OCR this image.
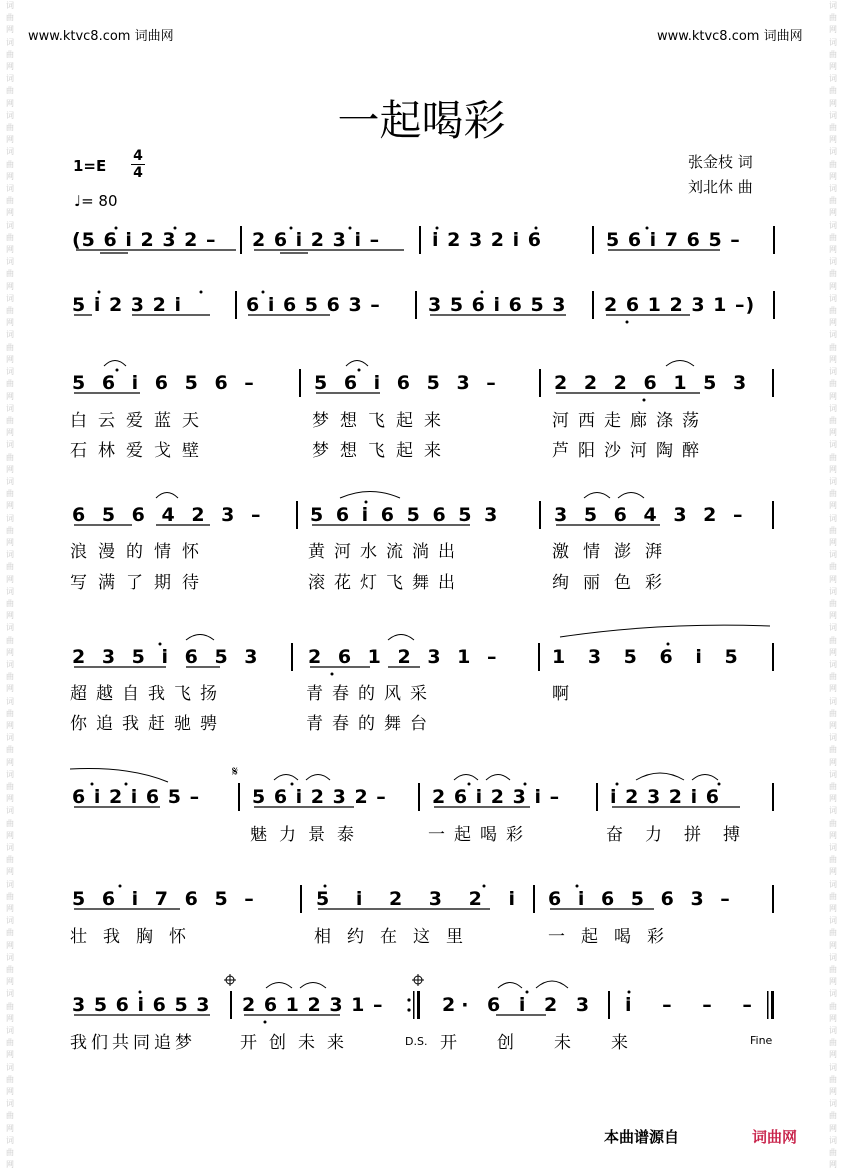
词
曲
网
词
曲
网
词
曲
网
词
曲
网
词
曲
网
词
曲
网
词
曲
网
词
曲
网
词
曲
网
词
曲
网
词
曲
网
词
曲
网
词
曲
网
词
曲
网
词
曲
网
词
曲
网
词
曲
网
词
曲
网
词
曲
网
词
曲
网
词
曲
网
词
曲
网
词
曲
网
词
曲
网
词
曲
网
词
曲
网
词
曲
网
词
曲
网
词
曲
网
词
曲
网
词
曲
网
词
曲
网

词
曲
网
词
曲
网
词
曲
网
词
曲
网
词
曲
网
词
曲
网
词
曲
网
词
曲
网
词
曲
网
词
曲
网
词
曲
网
词
曲
网
词
曲
网
词
曲
网
词
曲
网
词
曲
网
词
曲
网
词
曲
网
词
曲
网
词
曲
网
词
曲
网
词
曲
网
词
曲
网
词
曲
网
词
曲
网
词
曲
网
词
曲
网
词
曲
网
词
曲
网
词
曲
网
词
曲
网
词
曲
网

www.ktvc8.com 词曲网	www.ktvc8.com 词曲网
一起喝彩
1=E
4
4
♩= 80
张金枝 词
刘北休 曲
(5 6 i 2 3 2 – 2 6 i 2 3 i –	i 2 3 2 i 6	5 6 i 7 6 5 –
5 i 2 3 2 i	6 i 6 5 6 3 – 3 5 6 i 6 5 3 2 6 1 2 3 1 –)
5 6 i 6 5 6 –	5 6 i 6 5 3 –	2 2 2 6 1 5 3
白云爱蓝天	梦想飞起来	河西走廊涤荡
石林爱戈壁	梦想飞起来	芦阳沙河陶醉
6 5 6 4 2 3 – 5 6 i 6 5 6 5 3	3 5 6 4 3 2 –
浪漫的情怀	黄河水流淌出	激情澎湃
写满了期待	滚花灯飞舞出	绚丽色彩
2 3 5 i 6 5 3 2 6 1 2 3 1 –	1 3 5 6 i 5
超越自我飞扬	青春的风采	啊
你追我赶驰骋	青春的舞台
6 i 2 i 6 5 –	5 6 i 2 3 2 – 2 6 i 2 3 i –	i 2 3 2 i 6
魅力景泰	一起喝彩	奋力拼搏
5 6 i 7 6 5 –	5 i 2 3 2 i 6 i 6 5 6 3 –
壮我胸怀	相约在这里	一起喝彩
3 5 6 i 6 5 3 2 6 1 2 3 1 –	2· 6 i 2 3 i – – –
我们共同追梦	开创未来	开创未来
D.S.	Fine
𝄋
本曲谱源自	词曲网
